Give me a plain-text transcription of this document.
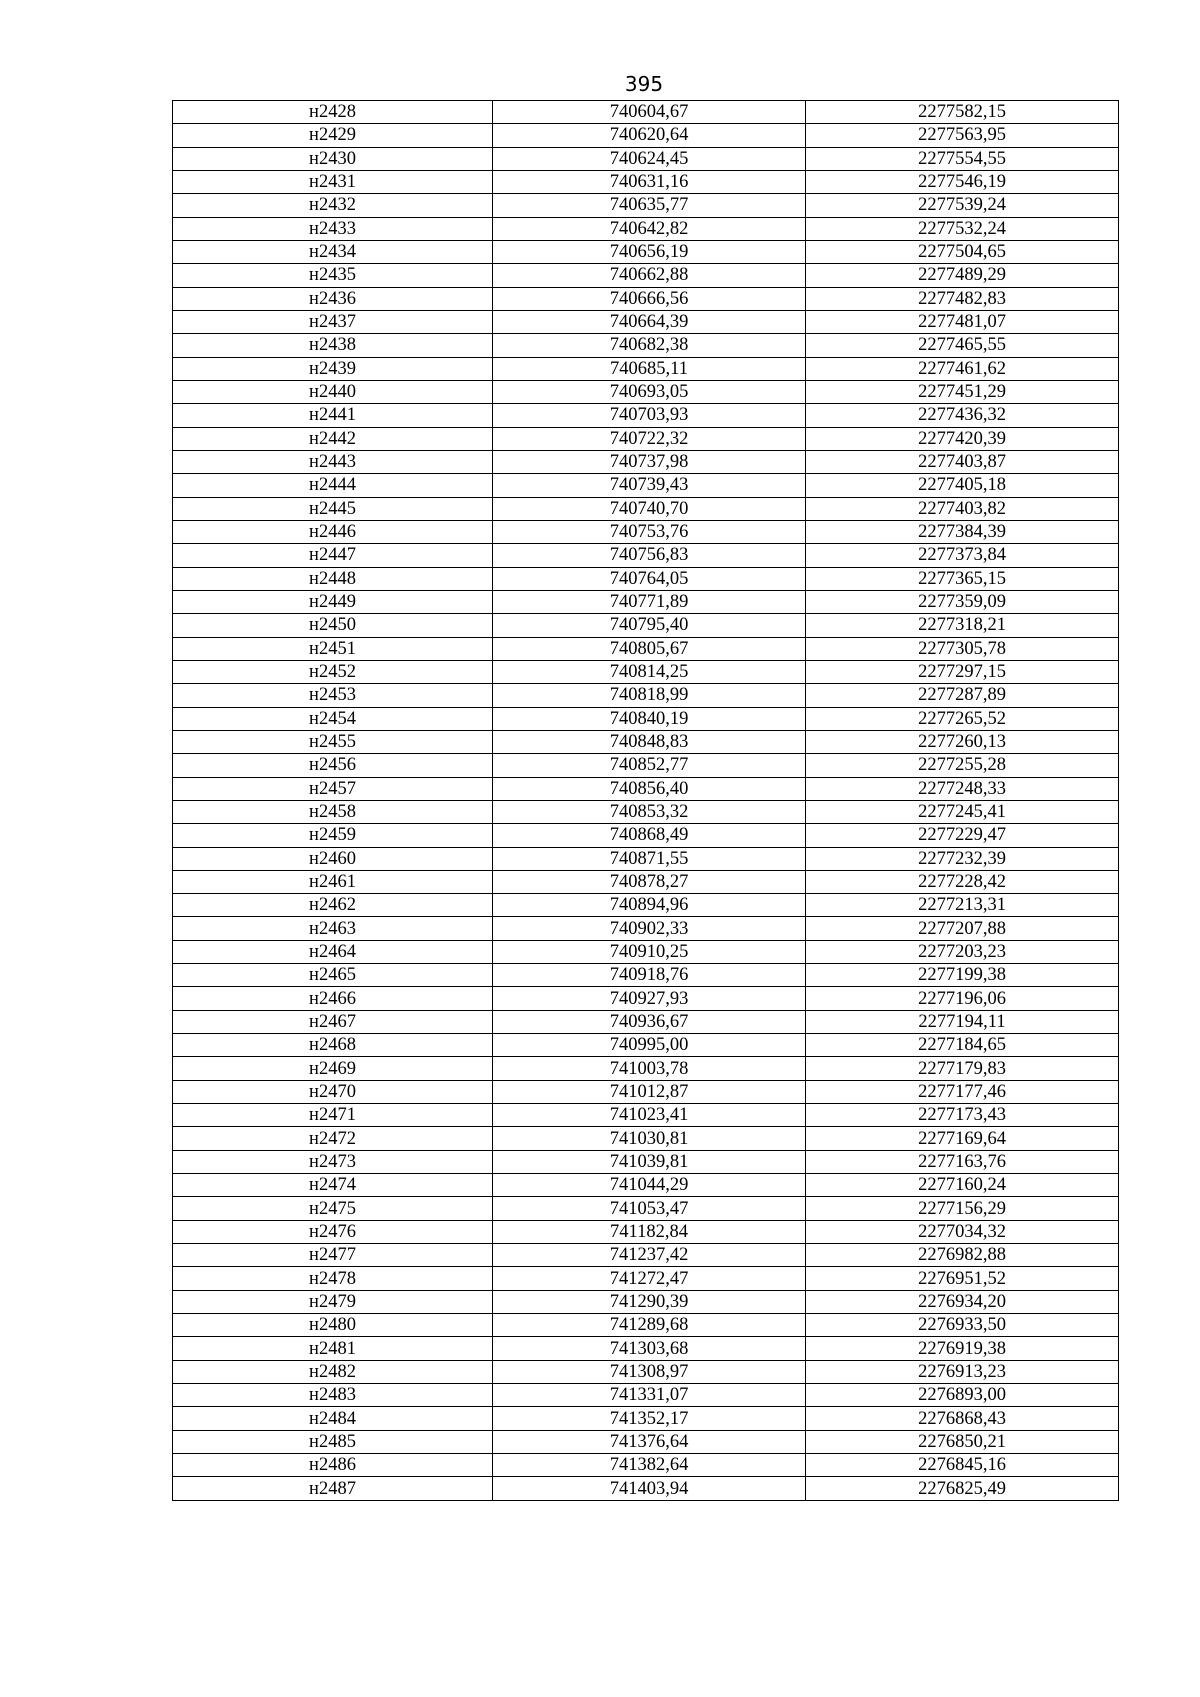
395
н2428	740604,67	2277582,15
н2429	740620,64	2277563,95
н2430	740624,45	2277554,55
н2431	740631,16	2277546,19
н2432	740635,77	2277539,24
н2433	740642,82	2277532,24
н2434	740656,19	2277504,65
н2435	740662,88	2277489,29
н2436	740666,56	2277482,83
н2437	740664,39	2277481,07
н2438	740682,38	2277465,55
н2439	740685,11	2277461,62
н2440	740693,05	2277451,29
н2441	740703,93	2277436,32
н2442	740722,32	2277420,39
н2443	740737,98	2277403,87
н2444	740739,43	2277405,18
н2445	740740,70	2277403,82
н2446	740753,76	2277384,39
н2447	740756,83	2277373,84
н2448	740764,05	2277365,15
н2449	740771,89	2277359,09
н2450	740795,40	2277318,21
н2451	740805,67	2277305,78
н2452	740814,25	2277297,15
н2453	740818,99	2277287,89
н2454	740840,19	2277265,52
н2455	740848,83	2277260,13
н2456	740852,77	2277255,28
н2457	740856,40	2277248,33
н2458	740853,32	2277245,41
н2459	740868,49	2277229,47
н2460	740871,55	2277232,39
н2461	740878,27	2277228,42
н2462	740894,96	2277213,31
н2463	740902,33	2277207,88
н2464	740910,25	2277203,23
н2465	740918,76	2277199,38
н2466	740927,93	2277196,06
н2467	740936,67	2277194,11
н2468	740995,00	2277184,65
н2469	741003,78	2277179,83
н2470	741012,87	2277177,46
н2471	741023,41	2277173,43
н2472	741030,81	2277169,64
н2473	741039,81	2277163,76
н2474	741044,29	2277160,24
н2475	741053,47	2277156,29
н2476	741182,84	2277034,32
н2477	741237,42	2276982,88
н2478	741272,47	2276951,52
н2479	741290,39	2276934,20
н2480	741289,68	2276933,50
н2481	741303,68	2276919,38
н2482	741308,97	2276913,23
н2483	741331,07	2276893,00
н2484	741352,17	2276868,43
н2485	741376,64	2276850,21
н2486	741382,64	2276845,16
н2487	741403,94	2276825,49
